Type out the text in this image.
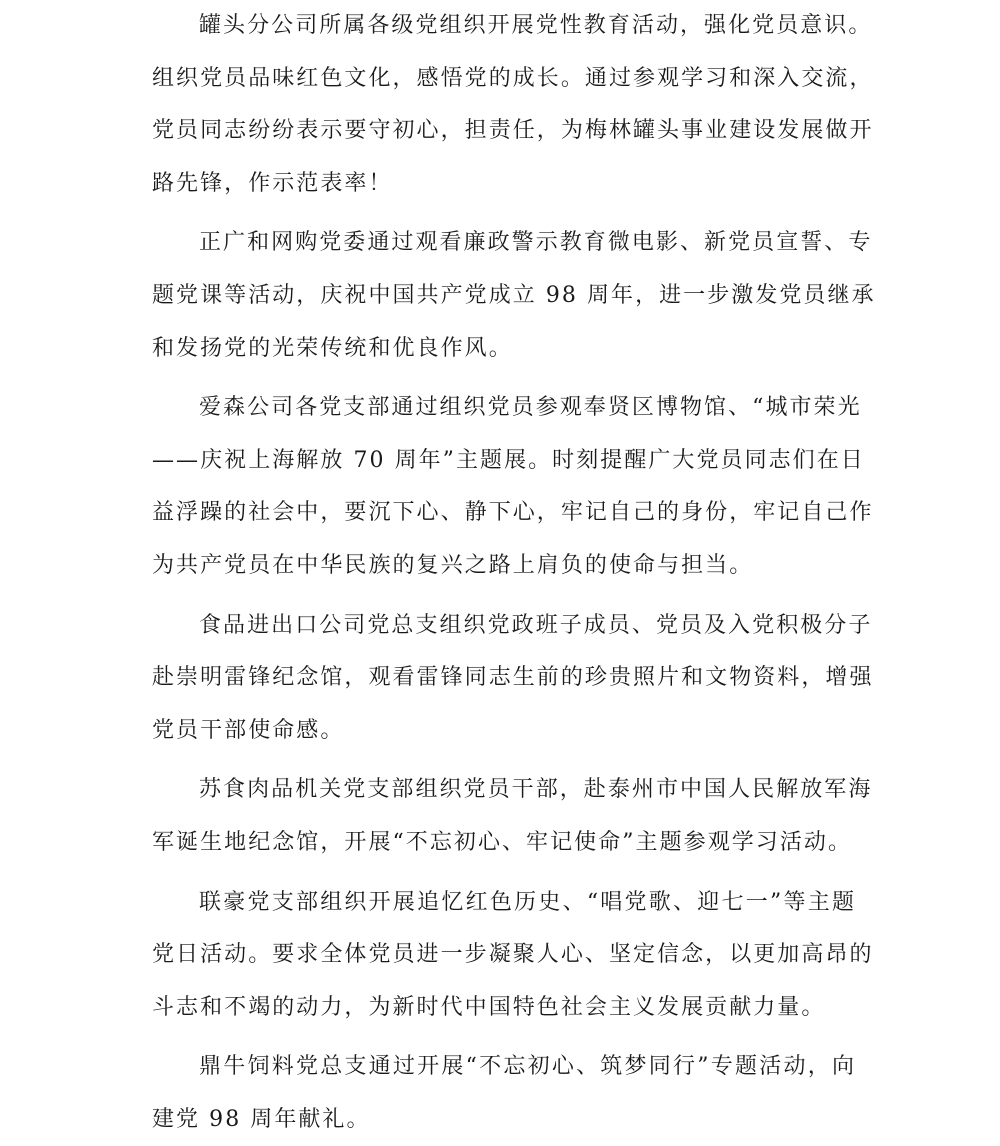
罐头分公司所属各级党组织开展党性教育活动，强化党员意识。
组织党员品味红色文化，感悟党的成长。通过参观学习和深入交流，
党员同志纷纷表示要守初心，担责任，为梅林罐头事业建设发展做开
路先锋，作示范表率！
正广和网购党委通过观看廉政警示教育微电影、新党员宣誓、专
题党课等活动，庆祝中国共产党成立 98 周年，进一步激发党员继承
和发扬党的光荣传统和优良作风。
爱森公司各党支部通过组织党员参观奉贤区博物馆、“城市荣光
——庆祝上海解放 70 周年”主题展。时刻提醒广大党员同志们在日
益浮躁的社会中，要沉下心、静下心，牢记自己的身份，牢记自己作
为共产党员在中华民族的复兴之路上肩负的使命与担当。
食品进出口公司党总支组织党政班子成员、党员及入党积极分子
赴崇明雷锋纪念馆，观看雷锋同志生前的珍贵照片和文物资料，增强
党员干部使命感。
苏食肉品机关党支部组织党员干部，赴泰州市中国人民解放军海
军诞生地纪念馆，开展“不忘初心、牢记使命”主题参观学习活动。
联豪党支部组织开展追忆红色历史、“唱党歌、迎七一”等主题
党日活动。要求全体党员进一步凝聚人心、坚定信念，以更加高昂的
斗志和不竭的动力，为新时代中国特色社会主义发展贡献力量。
鼎牛饲料党总支通过开展“不忘初心、筑梦同行”专题活动，向
建党 98 周年献礼。
